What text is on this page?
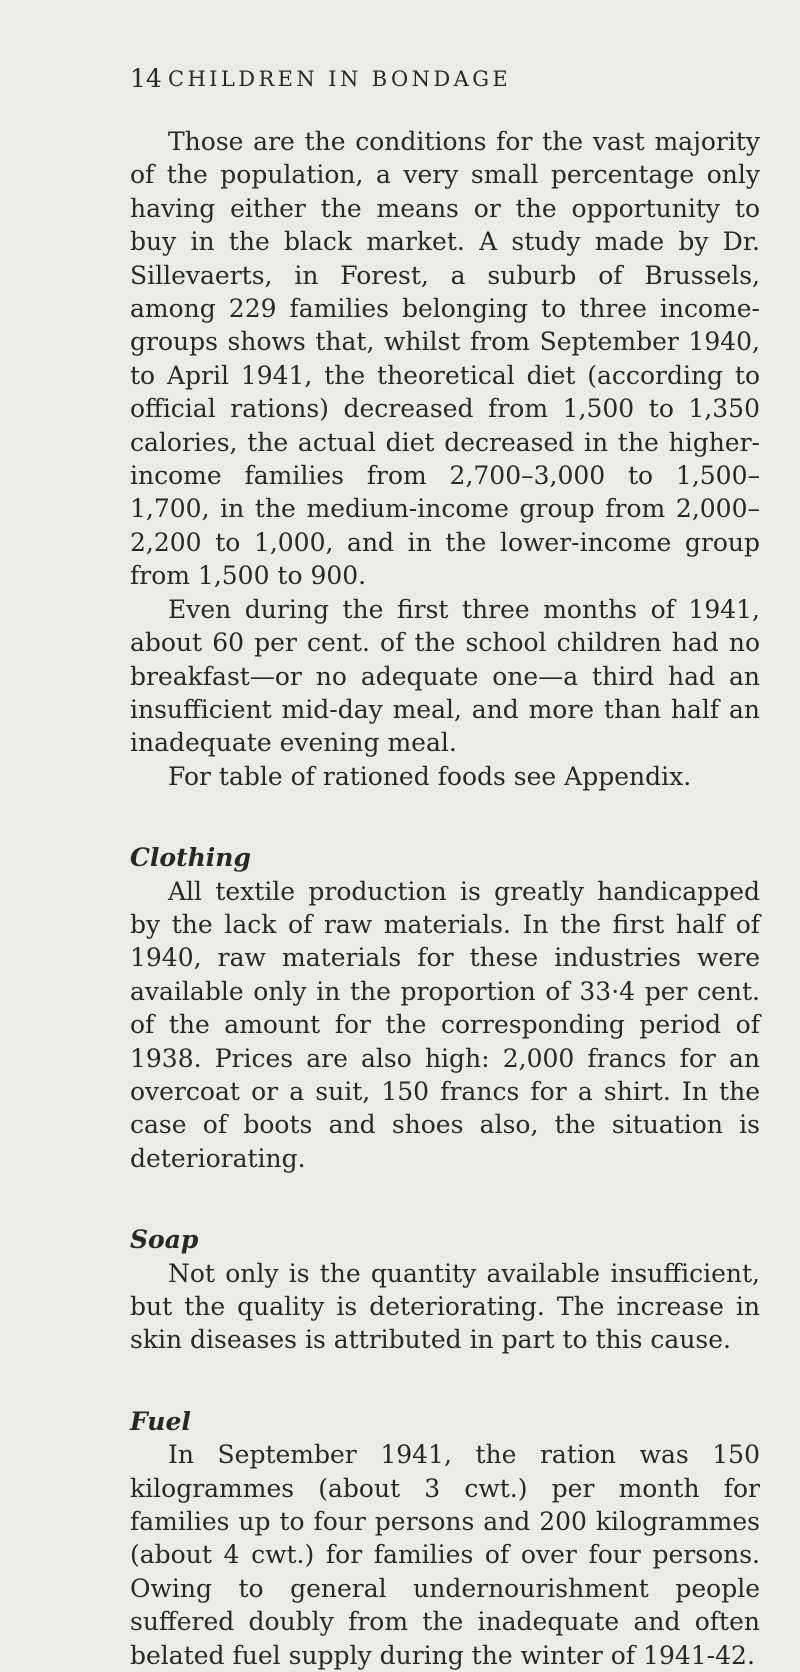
14 CHILDREN IN BONDAGE

Those are the conditions for the vast majority of the population, a very small percentage only having either the means or the opportunity to buy in the black market. A study made by Dr. Sillevaerts, in Forest, a suburb of Brussels, among 229 families belonging to three income-groups shows that, whilst from September 1940, to April 1941, the theoretical diet (according to official rations) decreased from 1,500 to 1,350 calories, the actual diet decreased in the higher-income families from 2,700–3,000 to 1,500–1,700, in the medium-income group from 2,000–2,200 to 1,000, and in the lower-income group from 1,500 to 900.

Even during the first three months of 1941, about 60 per cent. of the school children had no breakfast—or no adequate one—a third had an insufficient mid-day meal, and more than half an inadequate evening meal.

For table of rationed foods see Appendix.

Clothing

All textile production is greatly handicapped by the lack of raw materials. In the first half of 1940, raw materials for these industries were available only in the proportion of 33·4 per cent. of the amount for the corresponding period of 1938. Prices are also high: 2,000 francs for an overcoat or a suit, 150 francs for a shirt. In the case of boots and shoes also, the situation is deteriorating.

Soap

Not only is the quantity available insufficient, but the quality is deteriorating. The increase in skin diseases is attributed in part to this cause.

Fuel

In September 1941, the ration was 150 kilogrammes (about 3 cwt.) per month for families up to four persons and 200 kilogrammes (about 4 cwt.) for families of over four persons. Owing to general undernourishment people suffered doubly from the inadequate and often belated fuel supply during the winter of 1941-42.
